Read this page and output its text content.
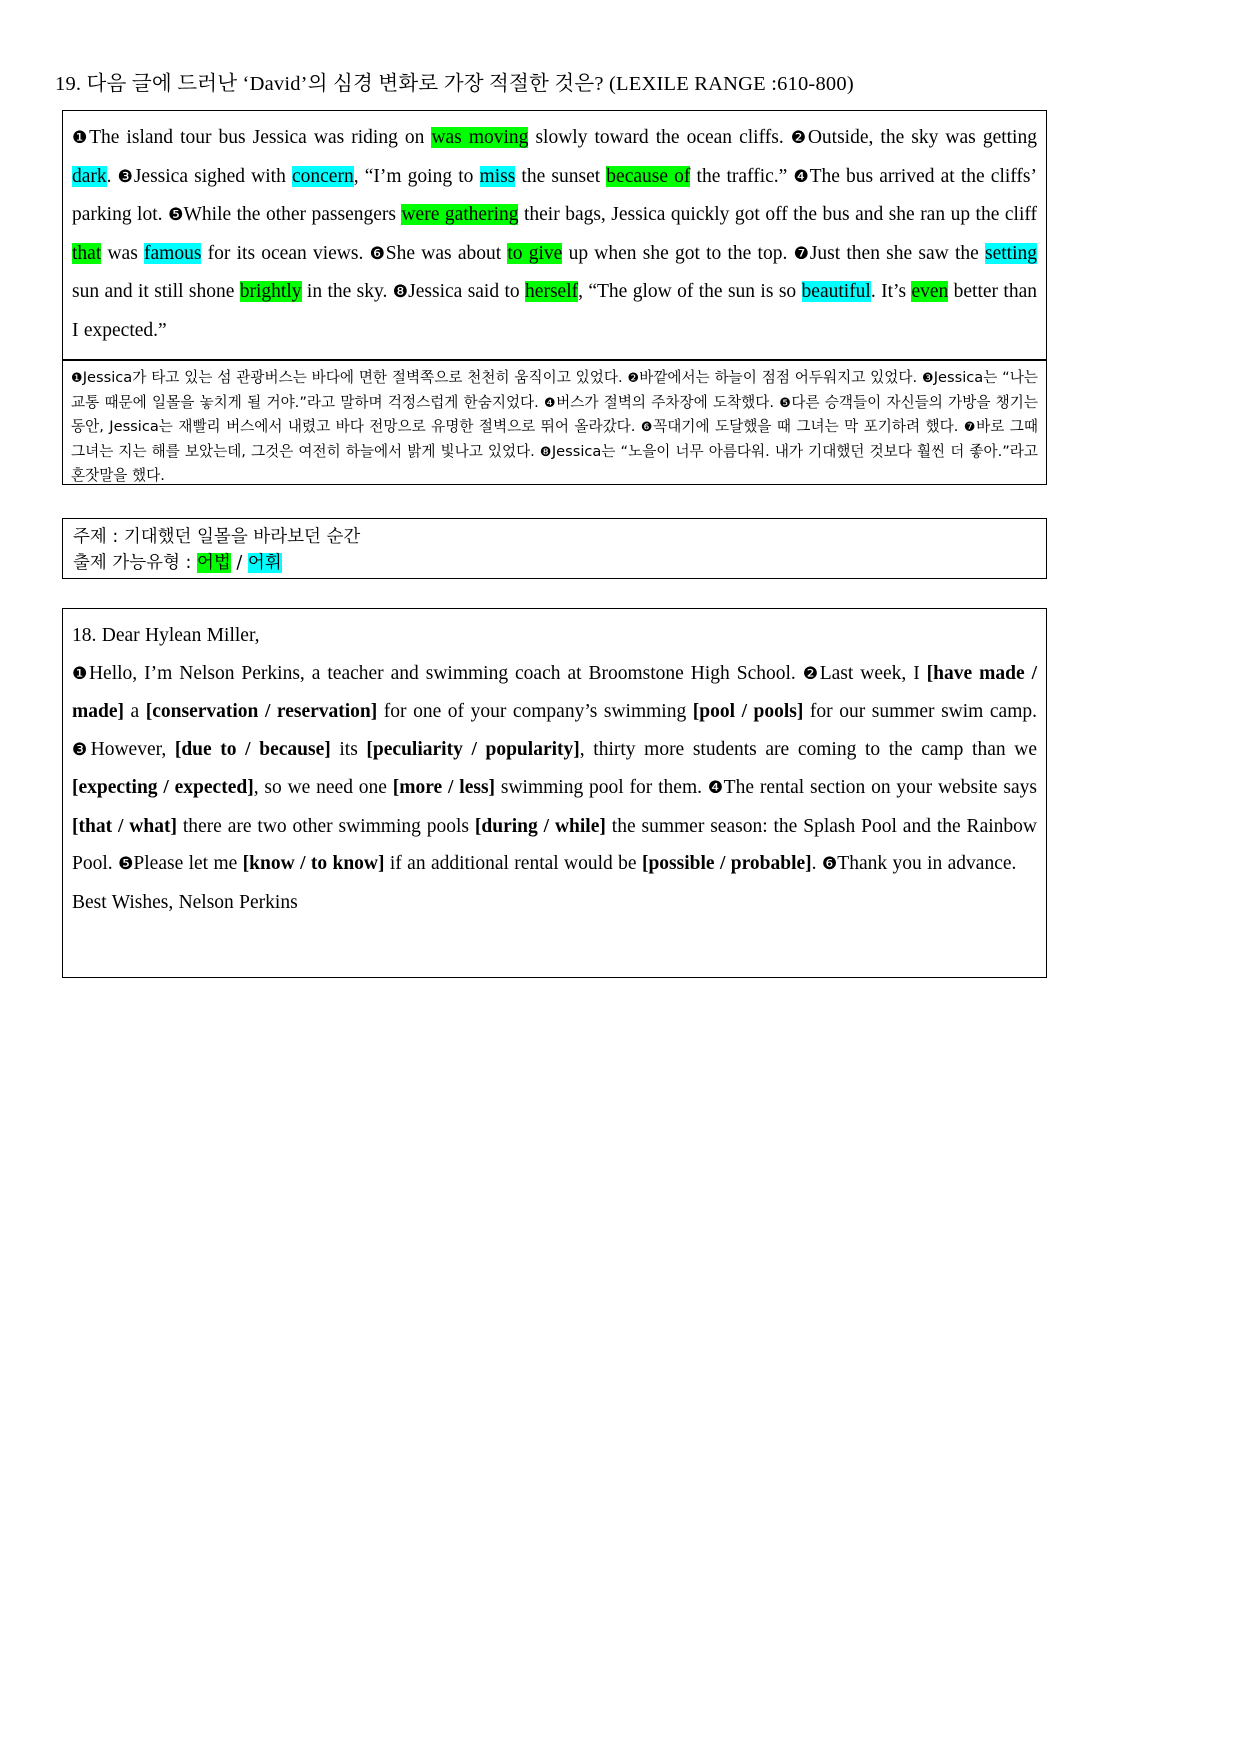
19. 다음 글에 드러난 ‘David’의 심경 변화로 가장 적절한 것은? (LEXILE RANGE :610-800)

❶The island tour bus Jessica was riding on was moving slowly toward the ocean cliffs. ❷Outside, the sky was getting dark. ❸Jessica sighed with concern, “I’m going to miss the sunset because of the traffic.” ❹The bus arrived at the cliffs’ parking lot. ❺While the other passengers were gathering their bags, Jessica quickly got off the bus and she ran up the cliff that was famous for its ocean views. ❻She was about to give up when she got to the top. ❼Just then she saw the setting sun and it still shone brightly in the sky. ❽Jessica said to herself, “The glow of the sun is so beautiful. It’s even better than I expected.”

❶Jessica가 타고 있는 섬 관광버스는 바다에 면한 절벽쪽으로 천천히 움직이고 있었다. ❷바깥에서는 하늘이 점점 어두워지고 있었다. ❸Jessica는 “나는 교통 때문에 일몰을 놓치게 될 거야.”라고 말하며 걱정스럽게 한숨지었다. ❹버스가 절벽의 주차장에 도착했다. ❺다른 승객들이 자신들의 가방을 챙기는 동안, Jessica는 재빨리 버스에서 내렸고 바다 전망으로 유명한 절벽으로 뛰어 올라갔다. ❻꼭대기에 도달했을 때 그녀는 막 포기하려 했다. ❼바로 그때 그녀는 지는 해를 보았는데, 그것은 여전히 하늘에서 밝게 빛나고 있었다. ❽Jessica는 “노을이 너무 아름다워. 내가 기대했던 것보다 훨씬 더 좋아.”라고 혼잣말을 했다.

주제 : 기대했던 일몰을 바라보던 순간

출제 가능유형 : 어법 / 어휘

18. Dear Hylean Miller,

❶Hello, I’m Nelson Perkins, a teacher and swimming coach at Broomstone High School. ❷Last week, I [have made / made] a [conservation / reservation] for one of your company’s swimming [pool / pools] for our summer swim camp. ❸However, [due to / because] its [peculiarity / popularity], thirty more students are coming to the camp than we [expecting / expected], so we need one [more / less] swimming pool for them. ❹The rental section on your website says [that / what] there are two other swimming pools [during / while] the summer season: the Splash Pool and the Rainbow Pool. ❺Please let me [know / to know] if an additional rental would be [possible / probable]. ❻Thank you in advance.

Best Wishes, Nelson Perkins
